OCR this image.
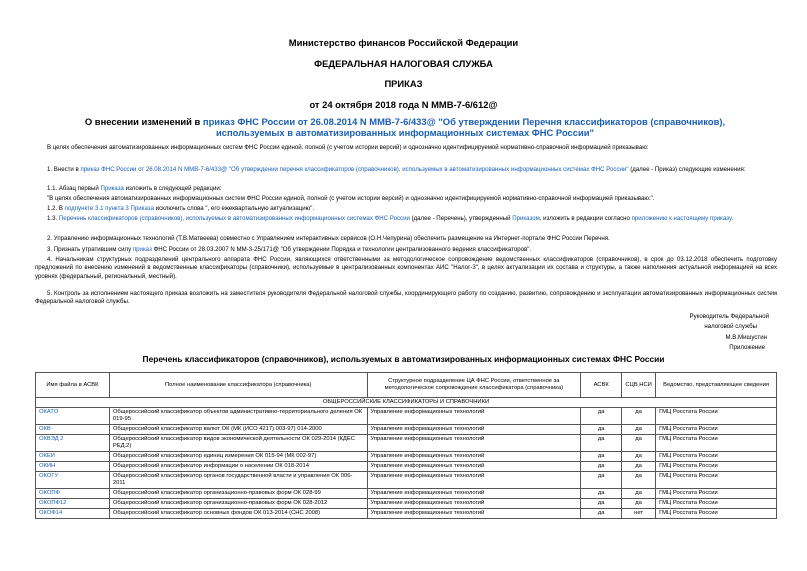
Министерство финансов Российской Федерации
ФЕДЕРАЛЬНАЯ НАЛОГОВАЯ СЛУЖБА
ПРИКАЗ
от 24 октября 2018 года N ММВ-7-6/612@
О внесении изменений в приказ ФНС России от 26.08.2014 N ММВ-7-6/433@ "Об утверждении Перечня классификаторов (справочников), используемых в автоматизированных информационных системах ФНС России"
В целях обеспечения автоматизированных информационных систем ФНС России единой, полной (с учетом истории версий) и однозначно идентифицируемой нормативно-справочной информацией приказываю:
1. Внести в приказ ФНС России от 26.08.2014 N ММВ-7-6/433@ "Об утверждении перечня классификаторов (справочников), используемых в автоматизированных информационных системах ФНС России" (далее - Приказ) следующие изменения:
1.1. Абзац первый Приказа изложить в следующей редакции:
"В целях обеспечения автоматизированных информационных систем ФНС России единой, полной (с учетом истории версий) и однозначно идентифицируемой нормативно-справочной информацией приказываю:".
1.2. В подпункте 3.1 пункта 3 Приказа исключить слова ", его ежеквартальную актуализацию".
1.3. Перечень классификаторов (справочников), используемых в автоматизированных информационных системах ФНС России (далее - Перечень), утвержденный Приказом, изложить в редакции согласно приложению к настоящему приказу.
2. Управлению информационных технологий (Т.В.Матвеева) совместно с Управлением интерактивных сервисов (О.Н.Чепурина) обеспечить размещение на Интернет-портале ФНС России Перечня.
3. Признать утратившим силу приказ ФНС России от 28.03.2007 N ММ-3-25/171@ "Об утверждении Порядка и технологии централизованного ведения классификаторов".
4. Начальникам структурных подразделений центрального аппарата ФНС России, являющихся ответственными за методологическое сопровождение ведомственных классификаторов (справочников), в срок до 03.12.2018 обеспечить подготовку предложений по внесению изменений в ведомственные классификаторы (справочники), используемые в централизованных компонентах АИС "Налог-3", в целях актуализации их состава и структуры, а также наполнения актуальной информацией на всех уровнях (федеральный, региональный, местный).
5. Контроль за исполнением настоящего приказа возложить на заместителя руководителя Федеральной налоговой службы, координирующего работу по созданию, развитию, сопровождению и эксплуатации автоматизированных информационных систем Федеральной налоговой службы.
Руководитель Федеральной
налоговой службы
М.В.Мишустин
Приложение
Перечень классификаторов (справочников), используемых в автоматизированных информационных системах ФНС России
Имя файла в АСВК	Полное наименование классификатора (справочника)	Структурное подразделение ЦА ФНС России, ответственное за методологическое сопровождение классификатора (справочника)	АСВК	СЦВ НСИ	Ведомство, представляющее сведения
ОБЩЕРОССИЙСКИЕ КЛАССИФИКАТОРЫ И СПРАВОЧНИКИ					
ОКАТО	Общероссийский классификатор объектов административно-территориального деления ОК 019-95	Управление информационных технологий	да	да	ГМЦ Росстата России
ОКВ	Общероссийский классификатор валют ОК (МК (ИСО 4217) 003-97) 014-2000	Управление информационных технологий	да	да	ГМЦ Росстата России
ОКВЭД 2	Общероссийский классификатор видов экономической деятельности ОК 029-2014 (КДЕС РЕД.2)	Управление информационных технологий	да	да	ГМЦ Росстата России
ОКЕИ	Общероссийский классификатор единиц измерения ОК 015-94 (МК 002-97)	Управление информационных технологий	да	да	ГМЦ Росстата России
ОКИН	Общероссийский классификатор информации о населении ОК 018-2014	Управление информационных технологий	да	да	ГМЦ Росстата России
ОКОГУ	Общероссийский классификатор органов государственной власти и управления ОК 006-2011	Управление информационных технологий	да	да	ГМЦ Росстата России
ОКОПФ	Общероссийский классификатор организационно-правовых форм ОК 028-99	Управление информационных технологий	да	да	ГМЦ Росстата России
ОКОПФ12	Общероссийский классификатор организационно-правовых форм ОК 028-2012	Управление информационных технологий	да	да	ГМЦ Росстата России
ОКОФ14	Общероссийский классификатор основных фондов ОК 013-2014 (СНС 2008)	Управление информационных технологий	да	нет	ГМЦ Росстата России
